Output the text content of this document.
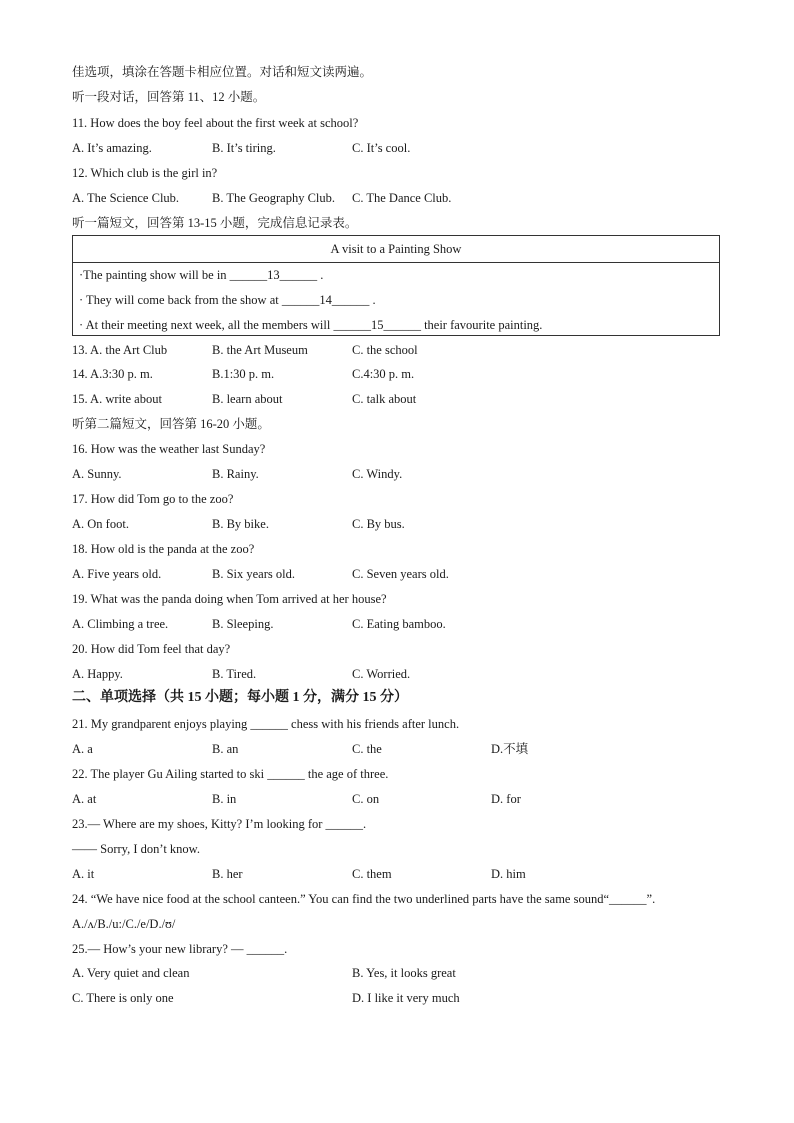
佳选项，填涂在答题卡相应位置。对话和短文读两遍。
听一段对话，回答第 11、12 小题。
11. How does the boy feel about the first week at school?
A. It’s amazing.	B. It’s tiring.	C. It’s cool.
12. Which club is the girl in?
A. The Science Club.	B. The Geography Club. C. The Dance Club.
听一篇短文，回答第 13-15 小题，完成信息记录表。
A visit to a Painting Show
·The painting show will be in ______13______ .
· They will come back from the show at ______14______ .
· At their meeting next week, all the members will ______15______ their favourite painting.
13. A. the Art Club	B. the Art Museum	C. the school
14. A.3:30 p. m.	B.1:30 p. m.	C.4:30 p. m.
15. A. write about	B. learn about	C. talk about
听第二篇短文，回答第 16-20 小题。
16. How was the weather last Sunday?
A. Sunny.	B. Rainy.	C. Windy.
17. How did Tom go to the zoo?
A. On foot.	B. By bike.	C. By bus.
18. How old is the panda at the zoo?
A. Five years old.	B. Six years old.	C. Seven years old.
19. What was the panda doing when Tom arrived at her house?
A. Climbing a tree.	B. Sleeping.	C. Eating bamboo.
20. How did Tom feel that day?
A. Happy.	B. Tired.	C. Worried.
二、单项选择（共 15 小题；每小题 1 分，满分 15 分）
21. My grandparent enjoys playing ______ chess with his friends after lunch.
A. a	B. an	C. the	D.不填
22. The player Gu Ailing started to ski ______ the age of three.
A. at	B. in	C. on	D. for
23.— Where are my shoes, Kitty? I’m looking for ______.
—— Sorry, I don’t know.
A. it	B. her	C. them	D. him
24. “We have nice food at the school canteen.” You can find the two underlined parts have the same sound“______”.
A./ʌ/B./u:/C./e/D./ʊ/
25.— How’s your new library? — ______.
A. Very quiet and clean	B. Yes, it looks great
C. There is only one	D. I like it very much
